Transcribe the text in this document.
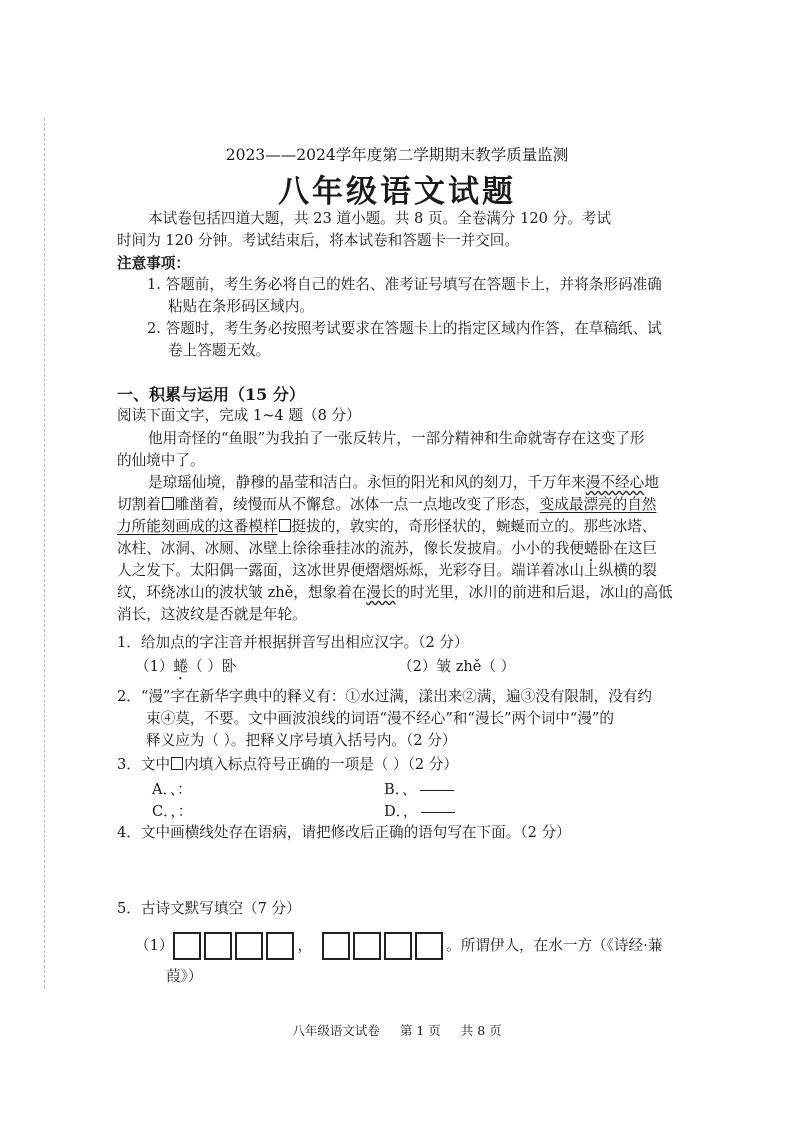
2023——2024学年度第二学期期末教学质量监测
八年级语文试题
本试卷包括四道大题，共 23 道小题。共 8 页。全卷满分 120 分。考试
时间为 120 分钟。考试结束后，将本试卷和答题卡一并交回。
注意事项：
1. 答题前，考生务必将自己的姓名、准考证号填写在答题卡上，并将条形码准确
粘贴在条形码区域内。
2. 答题时，考生务必按照考试要求在答题卡上的指定区域内作答，在草稿纸、试
卷上答题无效。
一、积累与运用（15 分）
阅读下面文字，完成 1~4 题（8 分）
他用奇怪的“鱼眼”为我拍了一张反转片，一部分精神和生命就寄存在这变了形
的仙境中了。
是琼瑶仙境，静穆的晶莹和洁白。永恒的阳光和风的刻刀，千万年来漫不经心地
切割着 雕凿着，绫慢而从不懈怠。冰体一点一点地改变了形态，变成最漂亮的自然
力所能刻画成的这番模样 挺拔的，敦实的，奇形怪状的，蜿蜒而立的。那些冰塔、
冰柱、冰洞、冰厕、冰壁上徐徐垂挂冰的流苏，像长发披肩。小小的我便蜷卧在这巨
人之发下。太阳偶一露面，这冰世界便熠熠烁烁，光彩夺目。端详着冰山上纵横的裂
纹，环绕冰山的波状皱 zhě，想象着在漫长的时光里，冰川的前进和后退，冰山的高低
消长，这波纹是否就是年轮。
1．给加点的字注音并根据拼音写出相应汉字。（2 分）
（1）蜷（ ）卧	（2）皱 zhě（ ）
2．“漫”字在新华字典中的释义有：①水过满，漾出来②满，遍③没有限制，没有约
束④莫，不要。文中画波浪线的词语“漫不经心”和“漫长”两个词中“漫”的
释义应为（ ）。把释义序号填入括号内。（2 分）
3．文中 内填入标点符号正确的一项是（ ）（2 分）
A．、：	B．、
C．，：	D．，
4．文中画横线处存在语病，请把修改后正确的语句写在下面。（2 分）
5．古诗文默写填空（7 分）
（1）	，	。所谓伊人，在水一方（《诗经·蒹
葭》）
八年级语文试卷 第 1 页 共 8 页
